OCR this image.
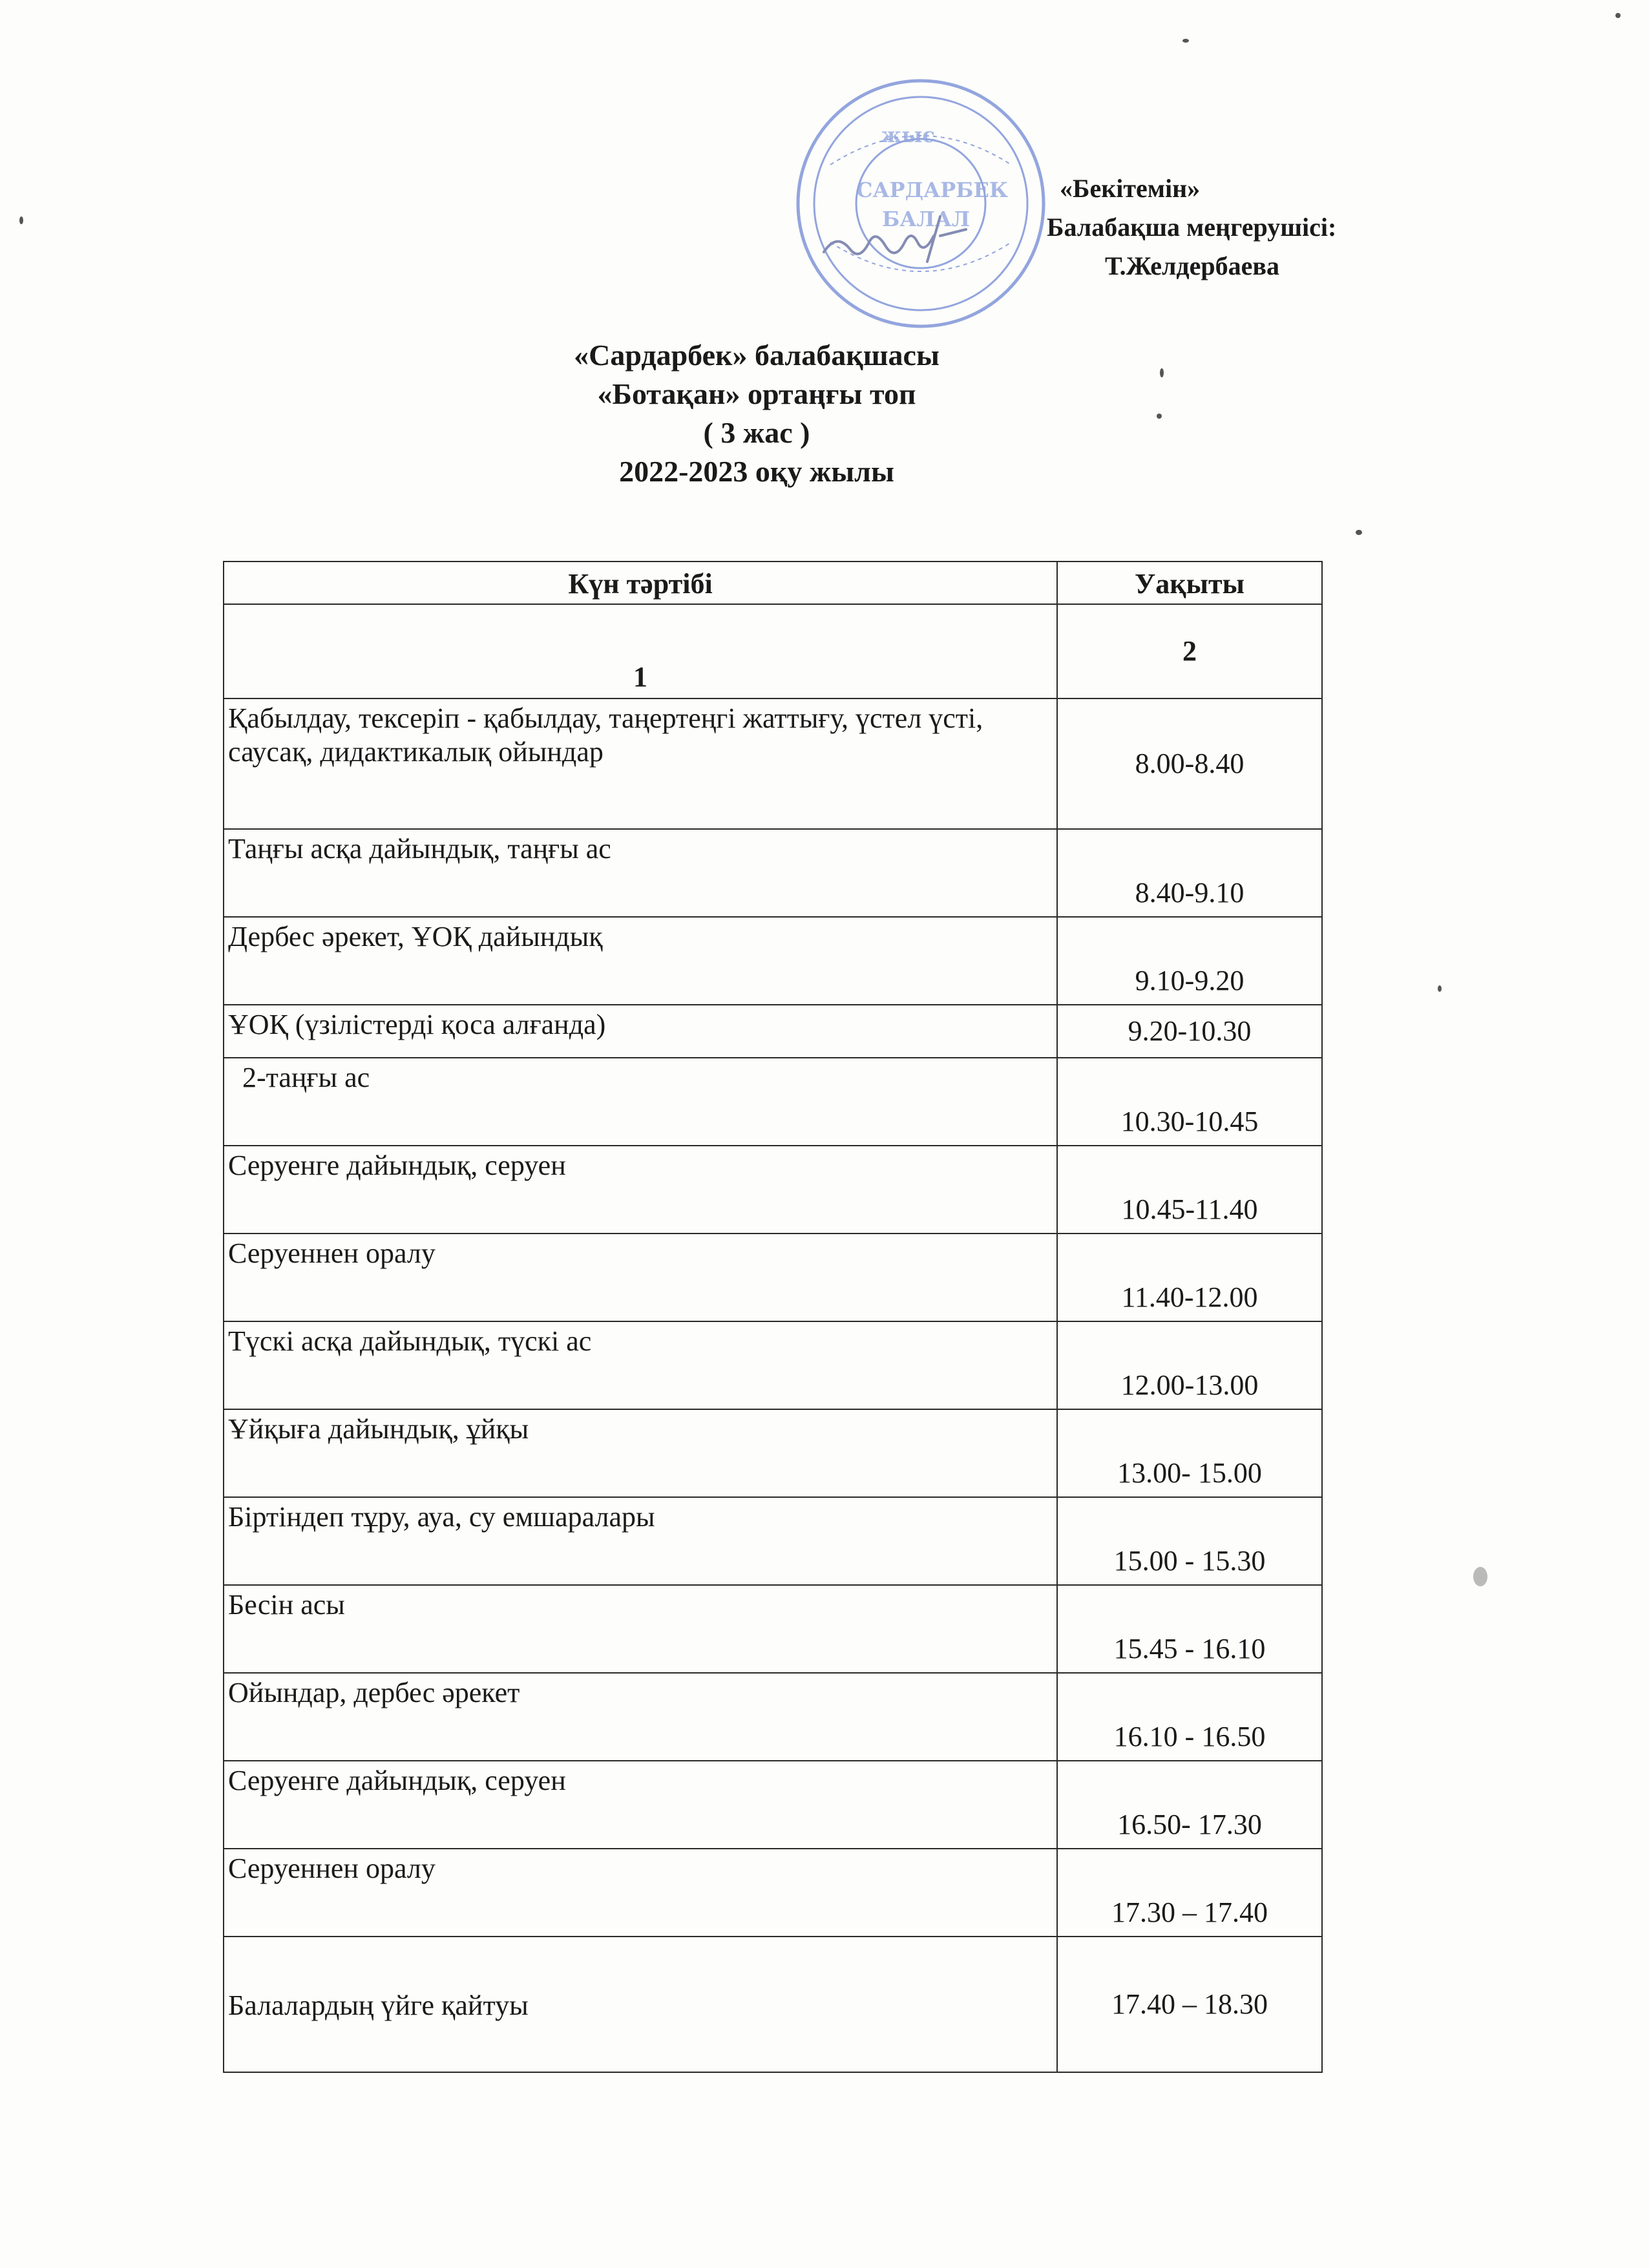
жыс
САРДАРБЕК
БАЛАЛ
«Бекітемін»
Балабақша меңгерушісі:
Т.Желдербаева
«Сардарбек» балабақшасы
«Ботақан» ортаңғы топ
( 3 жас )
2022-2023 оқу жылы
Күн тәртібі	Уақыты
1	2
Қабылдау, тексеріп - қабылдау, таңертеңгі жаттығу, үстел үсті, саусақ, дидактикалық ойындар	8.00-8.40
Таңғы асқа дайындық, таңғы ас	8.40-9.10
Дербес әрекет, ҰОҚ дайындық	9.10-9.20
ҰОҚ (үзілістерді қоса алғанда)	9.20-10.30
2-таңғы ас	10.30-10.45
Серуенге дайындық, серуен	10.45-11.40
Серуеннен оралу	11.40-12.00
Түскі асқа дайындық, түскі ас	12.00-13.00
Ұйқыға дайындық, ұйқы	13.00- 15.00
Біртіндеп тұру, ауа, су емшаралары	15.00 - 15.30
Бесін асы	15.45 - 16.10
Ойындар, дербес әрекет	16.10 - 16.50
Серуенге дайындық, серуен	16.50- 17.30
Серуеннен оралу	17.30 – 17.40
Балалардың үйге қайтуы	17.40 – 18.30
